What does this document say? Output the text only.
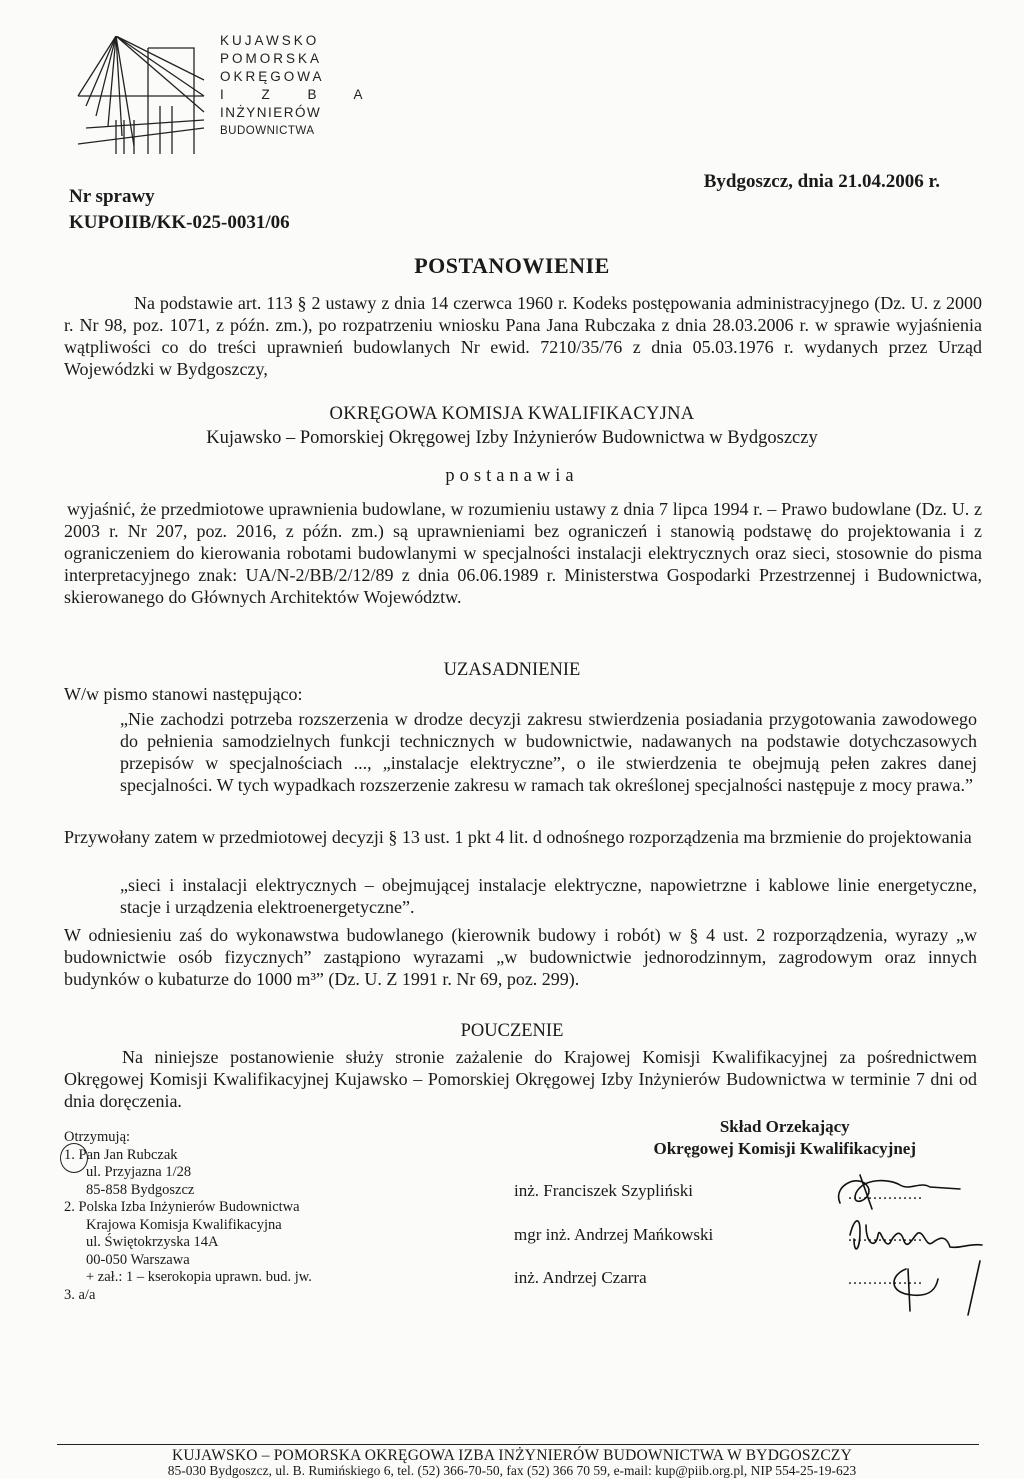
KUJAWSKO
POMORSKA
OKRĘGOWA
I Z B A
INŻYNIERÓW
BUDOWNICTWA
Bydgoszcz, dnia 21.04.2006 r.
Nr sprawy
KUPOIIB/KK-025-0031/06
POSTANOWIENIE
Na podstawie art. 113 § 2 ustawy z dnia 14 czerwca 1960 r. Kodeks postępowania administracyjnego (Dz. U. z 2000 r. Nr 98, poz. 1071, z późn. zm.), po rozpatrzeniu wniosku Pana Jana Rubczaka z dnia 28.03.2006 r. w sprawie wyjaśnienia wątpliwości co do treści uprawnień budowlanych Nr ewid. 7210/35/76 z dnia 05.03.1976 r. wydanych przez Urząd Wojewódzki w Bydgoszczy,
OKRĘGOWA KOMISJA KWALIFIKACYJNA
Kujawsko – Pomorskiej Okręgowej Izby Inżynierów Budownictwa w Bydgoszczy
postanawia
wyjaśnić, że przedmiotowe uprawnienia budowlane, w rozumieniu ustawy z dnia 7 lipca 1994 r. – Prawo budowlane (Dz. U. z 2003 r. Nr 207, poz. 2016, z późn. zm.) są uprawnieniami bez ograniczeń i stanowią podstawę do projektowania i z ograniczeniem do kierowania robotami budowlanymi w specjalności instalacji elektrycznych oraz sieci, stosownie do pisma interpretacyjnego znak: UA/N-2/BB/2/12/89 z dnia 06.06.1989 r. Ministerstwa Gospodarki Przestrzennej i Budownictwa, skierowanego do Głównych Architektów Województw.
UZASADNIENIE
W/w pismo stanowi następująco:
„Nie zachodzi potrzeba rozszerzenia w drodze decyzji zakresu stwierdzenia posiadania przygotowania zawodowego do pełnienia samodzielnych funkcji technicznych w budownictwie, nadawanych na podstawie dotychczasowych przepisów w specjalnościach ..., „instalacje elektryczne”, o ile stwierdzenia te obejmują pełen zakres danej specjalności. W tych wypadkach rozszerzenie zakresu w ramach tak określonej specjalności następuje z mocy prawa.”
Przywołany zatem w przedmiotowej decyzji § 13 ust. 1 pkt 4 lit. d odnośnego rozporządzenia ma brzmienie do projektowania
„sieci i instalacji elektrycznych – obejmującej instalacje elektryczne, napowietrzne i kablowe linie energetyczne, stacje i urządzenia elektroenergetyczne”.
W odniesieniu zaś do wykonawstwa budowlanego (kierownik budowy i robót) w § 4 ust. 2 rozporządzenia, wyrazy „w budownictwie osób fizycznych” zastąpiono wyrazami „w budownictwie jednorodzinnym, zagrodowym oraz innych budynków o kubaturze do 1000 m³” (Dz. U. Z 1991 r. Nr 69, poz. 299).
POUCZENIE
Na niniejsze postanowienie służy stronie zażalenie do Krajowej Komisji Kwalifikacyjnej za pośrednictwem Okręgowej Komisji Kwalifikacyjnej Kujawsko – Pomorskiej Okręgowej Izby Inżynierów Budownictwa w terminie 7 dni od dnia doręczenia.
Skład Orzekający
Okręgowej Komisji Kwalifikacyjnej
Otrzymują:
1. Pan Jan Rubczak
ul. Przyjazna 1/28
85-858 Bydgoszcz
2. Polska Izba Inżynierów Budownictwa
Krajowa Komisja Kwalifikacyjna
ul. Świętokrzyska 14A
00-050 Warszawa
+ zał.: 1 – kserokopia uprawn. bud. jw.
3. a/a
inż. Franciszek Szypliński
mgr inż. Andrzej Mańkowski
inż. Andrzej Czarra
...............
...............
...............
KUJAWSKO – POMORSKA OKRĘGOWA IZBA INŻYNIERÓW BUDOWNICTWA W BYDGOSZCZY
85-030 Bydgoszcz, ul. B. Rumińskiego 6, tel. (52) 366-70-50, fax (52) 366 70 59, e-mail: kup@piib.org.pl, NIP 554-25-19-623
